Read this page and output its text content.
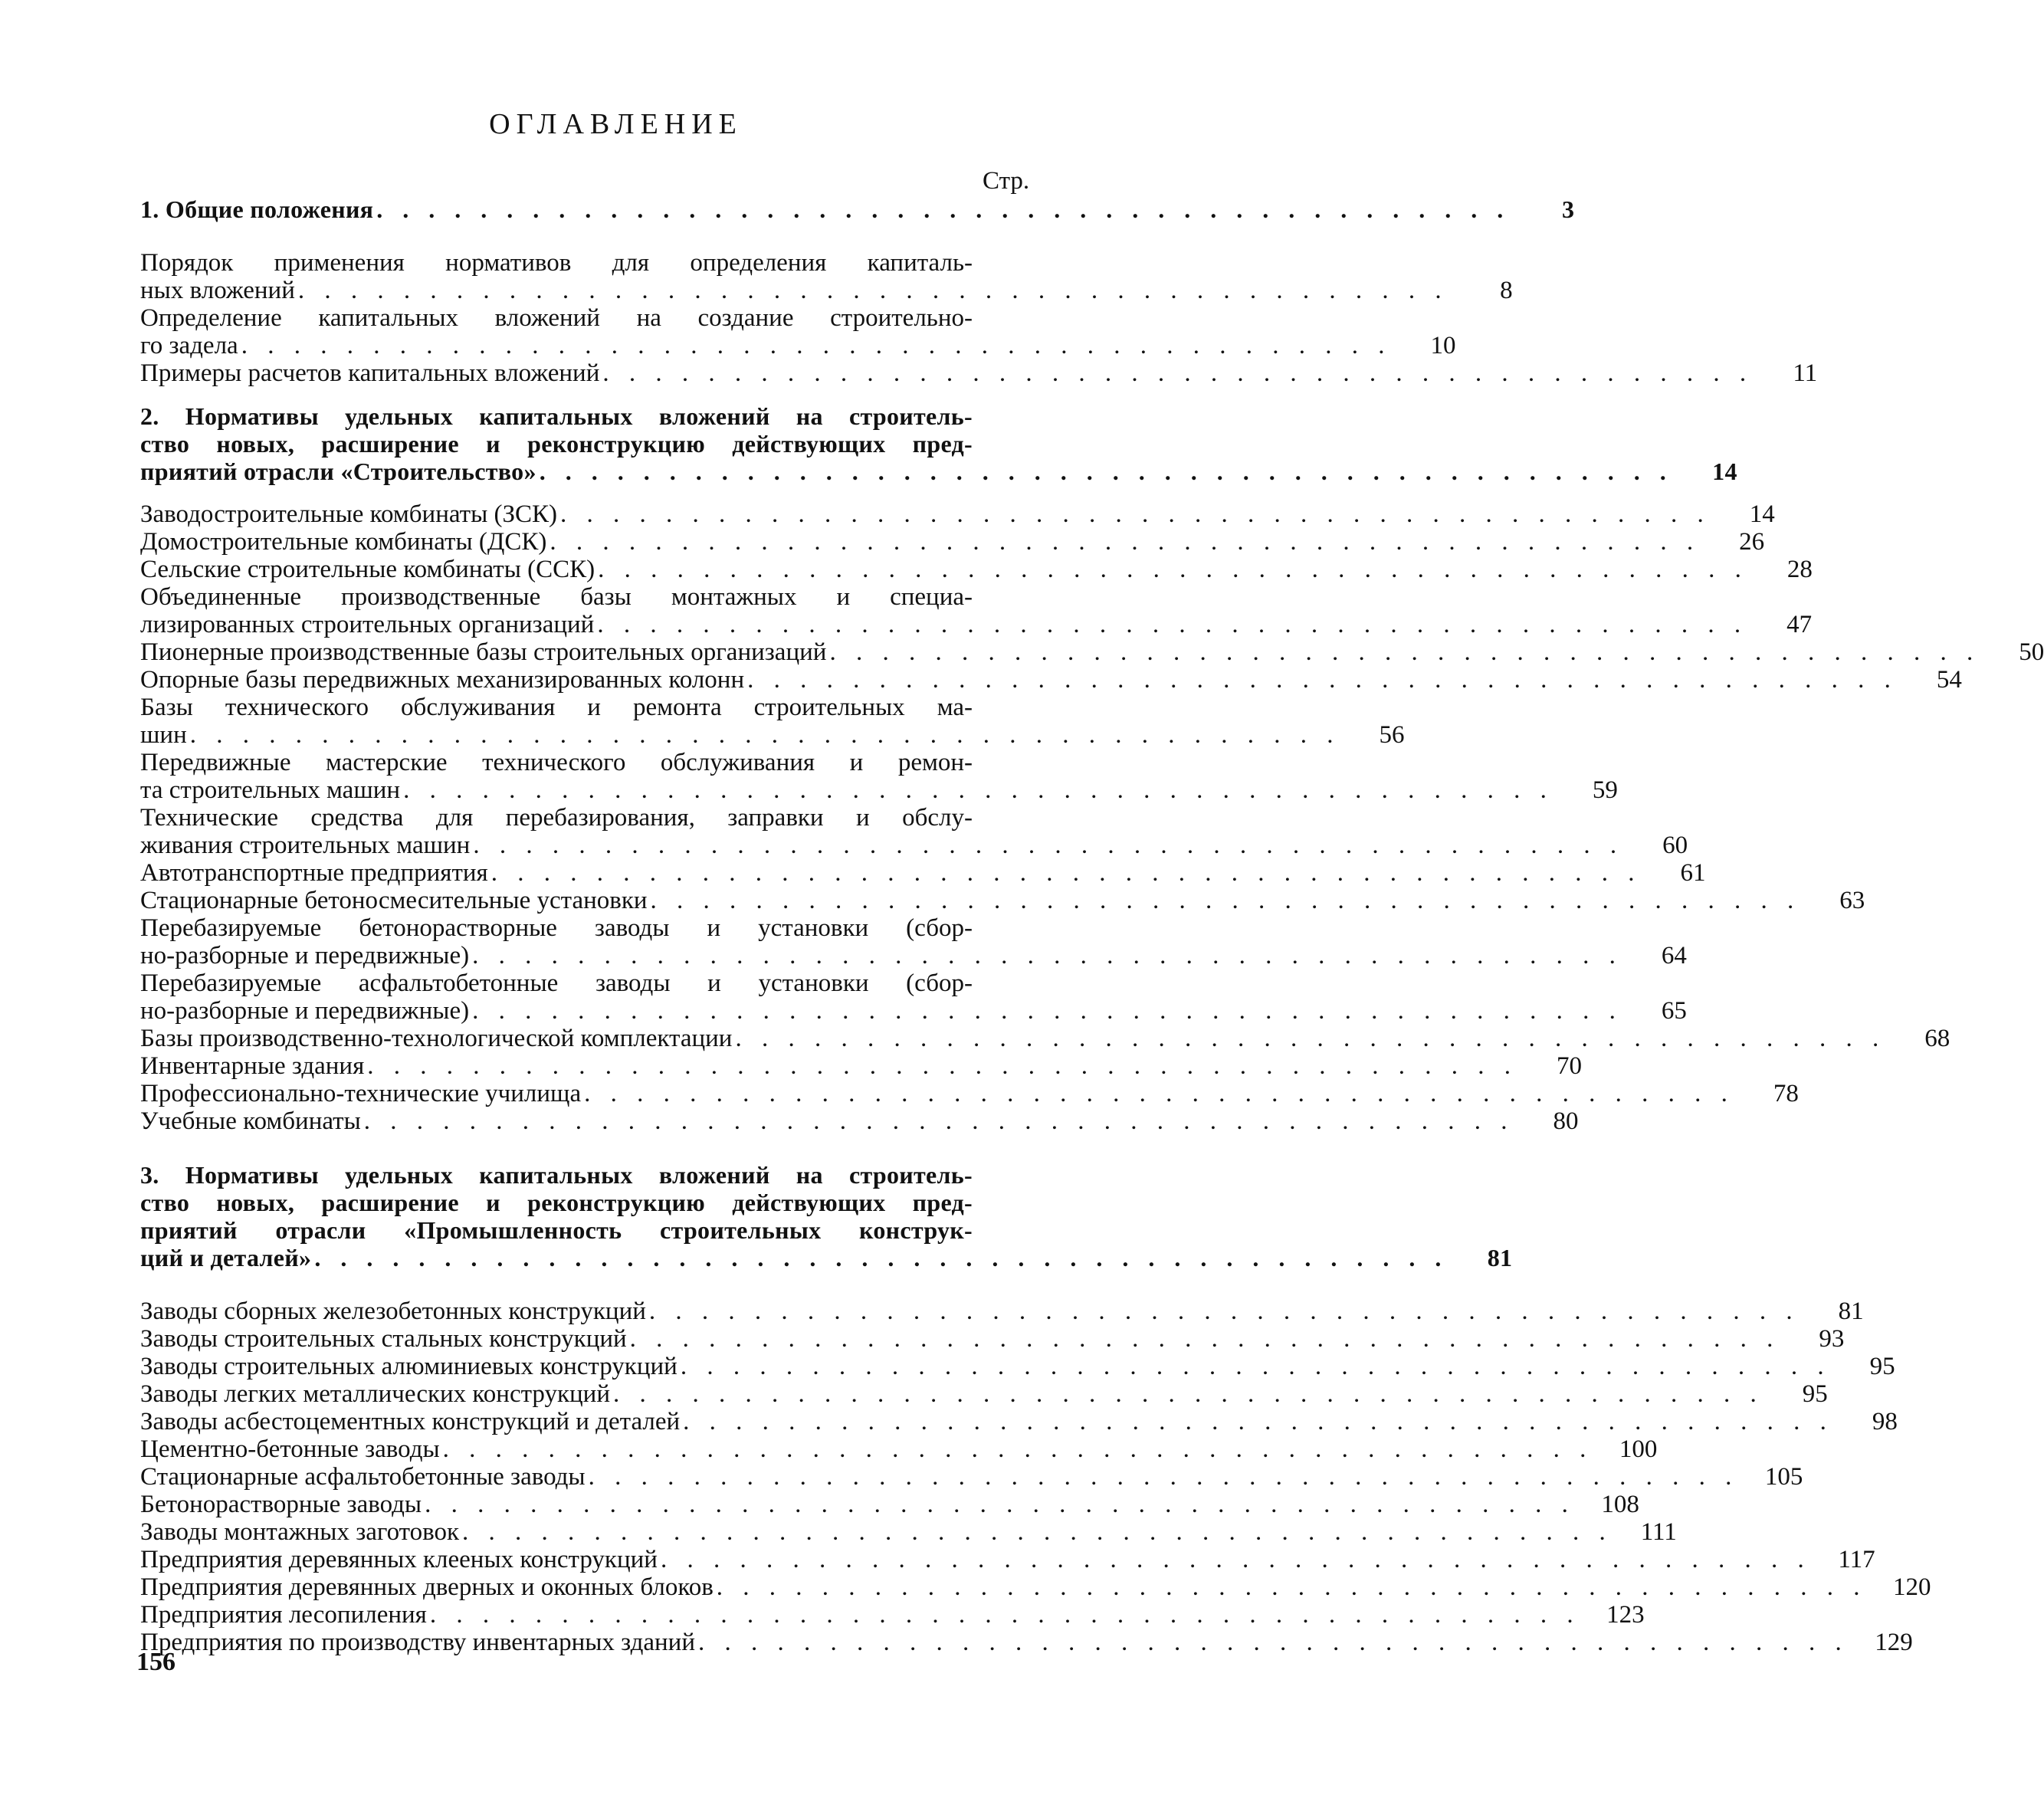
ОГЛАВЛЕНИЕ
Стр.
1. Общие положения . . . . . . . . . . . . . . . . . . . . . . . . . . . . . . . . . . . . . . . . . . . .	3
Порядок применения нормативов для определения капиталь-
ных вложений . . . . . . . . . . . . . . . . . . . . . . . . . . . . . . . . . . . . . . . . . . . .	8
Определение капитальных вложений на создание строительно-
го задела . . . . . . . . . . . . . . . . . . . . . . . . . . . . . . . . . . . . . . . . . . . .	10
Примеры расчетов капитальных вложений . . . . . . . . . . . . . . . . . . . . . . . . . . . . . . . . . . . . . . . . . . . .	11
2. Нормативы удельных капитальных вложений на строитель-
ство новых, расширение и реконструкцию действующих пред-
приятий отрасли «Строительство» . . . . . . . . . . . . . . . . . . . . . . . . . . . . . . . . . . . . . . . . . . . .	14
Заводостроительные комбинаты (ЗСК) . . . . . . . . . . . . . . . . . . . . . . . . . . . . . . . . . . . . . . . . . . . .	14
Домостроительные комбинаты (ДСК) . . . . . . . . . . . . . . . . . . . . . . . . . . . . . . . . . . . . . . . . . . . .	26
Сельские строительные комбинаты (ССК) . . . . . . . . . . . . . . . . . . . . . . . . . . . . . . . . . . . . . . . . . . . .	28
Объединенные производственные базы монтажных и специа-
лизированных строительных организаций . . . . . . . . . . . . . . . . . . . . . . . . . . . . . . . . . . . . . . . . . . . .	47
Пионерные производственные базы строительных организаций . . . . . . . . . . . . . . . . . . . . . . . . . . . . . . . . . . . . . . . . . . . .	50
Опорные базы передвижных механизированных колонн . . . . . . . . . . . . . . . . . . . . . . . . . . . . . . . . . . . . . . . . . . . .	54
Базы технического обслуживания и ремонта строительных ма-
шин . . . . . . . . . . . . . . . . . . . . . . . . . . . . . . . . . . . . . . . . . . . .	56
Передвижные мастерские технического обслуживания и ремон-
та строительных машин . . . . . . . . . . . . . . . . . . . . . . . . . . . . . . . . . . . . . . . . . . . .	59
Технические средства для перебазирования, заправки и обслу-
живания строительных машин . . . . . . . . . . . . . . . . . . . . . . . . . . . . . . . . . . . . . . . . . . . .	60
Автотранспортные предприятия . . . . . . . . . . . . . . . . . . . . . . . . . . . . . . . . . . . . . . . . . . . .	61
Стационарные бетоносмесительные установки . . . . . . . . . . . . . . . . . . . . . . . . . . . . . . . . . . . . . . . . . . . .	63
Перебазируемые бетонорастворные заводы и установки (сбор-
но-разборные и передвижные) . . . . . . . . . . . . . . . . . . . . . . . . . . . . . . . . . . . . . . . . . . . .	64
Перебазируемые асфальтобетонные заводы и установки (сбор-
но-разборные и передвижные) . . . . . . . . . . . . . . . . . . . . . . . . . . . . . . . . . . . . . . . . . . . .	65
Базы производственно-технологической комплектации . . . . . . . . . . . . . . . . . . . . . . . . . . . . . . . . . . . . . . . . . . . .	68
Инвентарные здания . . . . . . . . . . . . . . . . . . . . . . . . . . . . . . . . . . . . . . . . . . . .	70
Профессионально-технические училища . . . . . . . . . . . . . . . . . . . . . . . . . . . . . . . . . . . . . . . . . . . .	78
Учебные комбинаты . . . . . . . . . . . . . . . . . . . . . . . . . . . . . . . . . . . . . . . . . . . .	80
3. Нормативы удельных капитальных вложений на строитель-
ство новых, расширение и реконструкцию действующих пред-
приятий отрасли «Промышленность строительных конструк-
ций и деталей» . . . . . . . . . . . . . . . . . . . . . . . . . . . . . . . . . . . . . . . . . . . .	81
Заводы сборных железобетонных конструкций . . . . . . . . . . . . . . . . . . . . . . . . . . . . . . . . . . . . . . . . . . . .	81
Заводы строительных стальных конструкций . . . . . . . . . . . . . . . . . . . . . . . . . . . . . . . . . . . . . . . . . . . .	93
Заводы строительных алюминиевых конструкций . . . . . . . . . . . . . . . . . . . . . . . . . . . . . . . . . . . . . . . . . . . .	95
Заводы легких металлических конструкций . . . . . . . . . . . . . . . . . . . . . . . . . . . . . . . . . . . . . . . . . . . .	95
Заводы асбестоцементных конструкций и деталей . . . . . . . . . . . . . . . . . . . . . . . . . . . . . . . . . . . . . . . . . . . .	98
Цементно-бетонные заводы . . . . . . . . . . . . . . . . . . . . . . . . . . . . . . . . . . . . . . . . . . . .	100
Стационарные асфальтобетонные заводы . . . . . . . . . . . . . . . . . . . . . . . . . . . . . . . . . . . . . . . . . . . .	105
Бетонорастворные заводы . . . . . . . . . . . . . . . . . . . . . . . . . . . . . . . . . . . . . . . . . . . .	108
Заводы монтажных заготовок . . . . . . . . . . . . . . . . . . . . . . . . . . . . . . . . . . . . . . . . . . . .	111
Предприятия деревянных клееных конструкций . . . . . . . . . . . . . . . . . . . . . . . . . . . . . . . . . . . . . . . . . . . .	117
Предприятия деревянных дверных и оконных блоков . . . . . . . . . . . . . . . . . . . . . . . . . . . . . . . . . . . . . . . . . . . .	120
Предприятия лесопиления . . . . . . . . . . . . . . . . . . . . . . . . . . . . . . . . . . . . . . . . . . . .	123
Предприятия по производству инвентарных зданий . . . . . . . . . . . . . . . . . . . . . . . . . . . . . . . . . . . . . . . . . . . .	129
156
